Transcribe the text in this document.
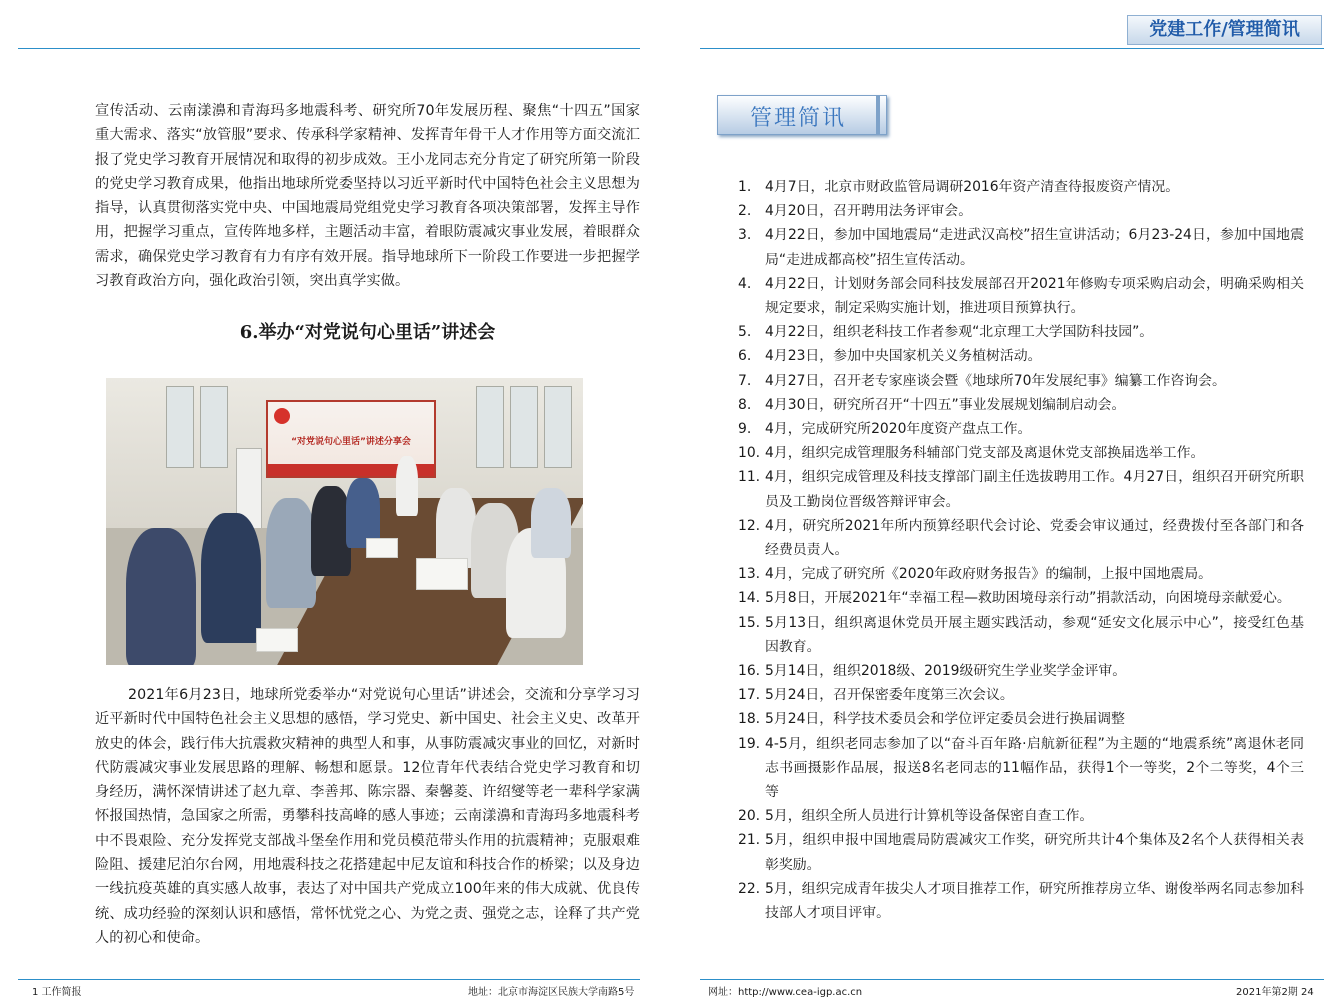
宣传活动、云南漾濞和青海玛多地震科考、研究所70年发展历程、聚焦“十四五”国家重大需求、落实“放管服”要求、传承科学家精神、发挥青年骨干人才作用等方面交流汇报了党史学习教育开展情况和取得的初步成效。王小龙同志充分肯定了研究所第一阶段的党史学习教育成果，他指出地球所党委坚持以习近平新时代中国特色社会主义思想为指导，认真贯彻落实党中央、中国地震局党组党史学习教育各项决策部署，发挥主导作用，把握学习重点，宣传阵地多样，主题活动丰富，着眼防震减灾事业发展，着眼群众需求，确保党史学习教育有力有序有效开展。指导地球所下一阶段工作要进一步把握学习教育政治方向，强化政治引领，突出真学实做。

6.举办“对党说句心里话”讲述会
“对党说句心里话”讲述分享会

2021年6月23日，地球所党委举办“对党说句心里话”讲述会，交流和分享学习习近平新时代中国特色社会主义思想的感悟，学习党史、新中国史、社会主义史、改革开放史的体会，践行伟大抗震救灾精神的典型人和事，从事防震减灾事业的回忆，对新时代防震减灾事业发展思路的理解、畅想和愿景。12位青年代表结合党史学习教育和切身经历，满怀深情讲述了赵九章、李善邦、陈宗器、秦馨菱、许绍燮等老一辈科学家满怀报国热情，急国家之所需，勇攀科技高峰的感人事迹；云南漾濞和青海玛多地震科考中不畏艰险、充分发挥党支部战斗堡垒作用和党员模范带头作用的抗震精神；克服艰难险阻、援建尼泊尔台网，用地震科技之花搭建起中尼友谊和科技合作的桥梁；以及身边一线抗疫英雄的真实感人故事，表达了对中国共产党成立100年来的伟大成就、优良传统、成功经验的深刻认识和感悟，常怀忧党之心、为党之责、强党之志，诠释了共产党人的初心和使命。

1 工作简报	地址：北京市海淀区民族大学南路5号
党建工作/管理简讯
管理简讯
1. 4月7日，北京市财政监管局调研2016年资产清查待报废资产情况。
2. 4月20日，召开聘用法务评审会。
3. 4月22日，参加中国地震局“走进武汉高校”招生宣讲活动；6月23-24日，参加中国地震局“走进成都高校”招生宣传活动。
4. 4月22日，计划财务部会同科技发展部召开2021年修购专项采购启动会，明确采购相关规定要求，制定采购实施计划，推进项目预算执行。
5. 4月22日，组织老科技工作者参观“北京理工大学国防科技园”。
6. 4月23日，参加中央国家机关义务植树活动。
7. 4月27日，召开老专家座谈会暨《地球所70年发展纪事》编纂工作咨询会。
8. 4月30日，研究所召开“十四五”事业发展规划编制启动会。
9. 4月，完成研究所2020年度资产盘点工作。
10. 4月，组织完成管理服务科辅部门党支部及离退休党支部换届选举工作。
11. 4月，组织完成管理及科技支撑部门副主任选拔聘用工作。4月27日，组织召开研究所职员及工勤岗位晋级答辩评审会。
12. 4月，研究所2021年所内预算经职代会讨论、党委会审议通过，经费拨付至各部门和各经费员责人。
13. 4月，完成了研究所《2020年政府财务报告》的编制，上报中国地震局。
14. 5月8日，开展2021年“幸福工程—救助困境母亲行动”捐款活动，向困境母亲献爱心。
15. 5月13日，组织离退休党员开展主题实践活动，参观“延安文化展示中心”，接受红色基因教育。
16. 5月14日，组织2018级、2019级研究生学业奖学金评审。
17. 5月24日，召开保密委年度第三次会议。
18. 5月24日，科学技术委员会和学位评定委员会进行换届调整
19. 4-5月，组织老同志参加了以“奋斗百年路·启航新征程”为主题的“地震系统”离退休老同志书画摄影作品展，报送8名老同志的11幅作品，获得1个一等奖，2个二等奖，4个三等
20. 5月，组织全所人员进行计算机等设备保密自查工作。
21. 5月，组织申报中国地震局防震减灾工作奖，研究所共计4个集体及2名个人获得相关表彰奖励。
22. 5月，组织完成青年拔尖人才项目推荐工作，研究所推荐房立华、谢俊举两名同志参加科技部人才项目评审。
网址：http://www.cea-igp.ac.cn	2021年第2期 24
